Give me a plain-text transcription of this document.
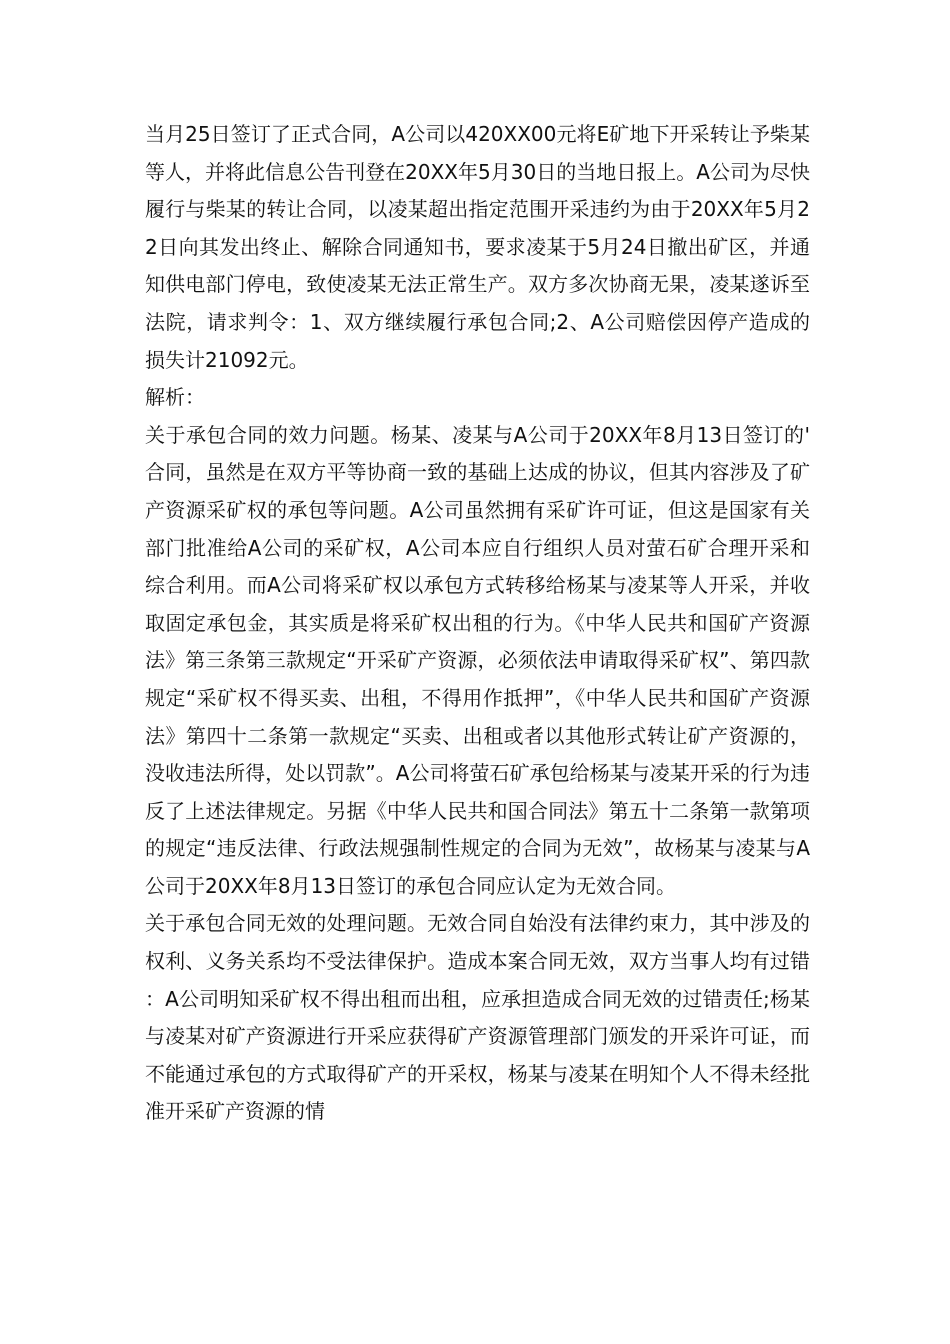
当月25日签订了正式合同，A公司以420XX00元将E矿地下开采转让予柴某等人，并将此信息公告刊登在20XX年5月30日的当地日报上。A公司为尽快履行与柴某的转让合同，以凌某超出指定范围开采违约为由于20XX年5月22日向其发出终止、解除合同通知书，要求凌某于5月24日撤出矿区，并通知供电部门停电，致使凌某无法正常生产。双方多次协商无果，凌某遂诉至法院，请求判令：1、双方继续履行承包合同;2、A公司赔偿因停产造成的损失计21092元。

解析：

关于承包合同的效力问题。杨某、凌某与A公司于20XX年8月13日签订的'合同，虽然是在双方平等协商一致的基础上达成的协议，但其内容涉及了矿产资源采矿权的承包等问题。A公司虽然拥有采矿许可证，但这是国家有关部门批准给A公司的采矿权，A公司本应自行组织人员对萤石矿合理开采和综合利用。而A公司将采矿权以承包方式转移给杨某与凌某等人开采，并收取固定承包金，其实质是将采矿权出租的行为。《中华人民共和国矿产资源法》第三条第三款规定“开采矿产资源，必须依法申请取得采矿权”、第四款规定“采矿权不得买卖、出租，不得用作抵押”，《中华人民共和国矿产资源法》第四十二条第一款规定“买卖、出租或者以其他形式转让矿产资源的，没收违法所得，处以罚款”。A公司将萤石矿承包给杨某与凌某开采的行为违反了上述法律规定。另据《中华人民共和国合同法》第五十二条第一款第项的规定“违反法律、行政法规强制性规定的合同为无效”，故杨某与凌某与A公司于20XX年8月13日签订的承包合同应认定为无效合同。

关于承包合同无效的处理问题。无效合同自始没有法律约束力，其中涉及的权利、义务关系均不受法律保护。造成本案合同无效，双方当事人均有过错：A公司明知采矿权不得出租而出租，应承担造成合同无效的过错责任;杨某与凌某对矿产资源进行开采应获得矿产资源管理部门颁发的开采许可证，而不能通过承包的方式取得矿产的开采权，杨某与凌某在明知个人不得未经批准开采矿产资源的情
